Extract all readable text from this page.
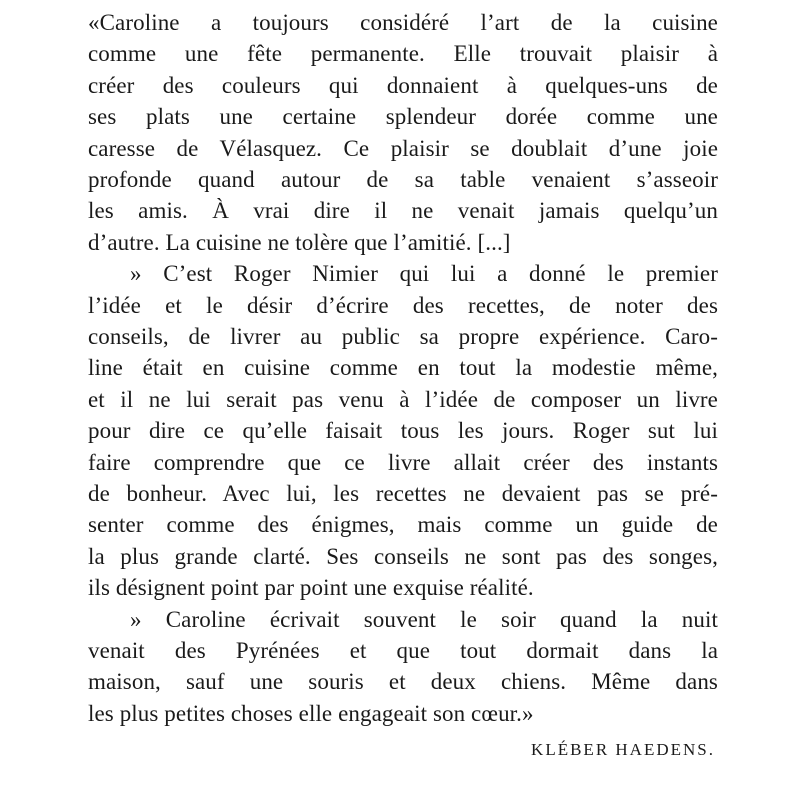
«Caroline a toujours considéré l’art de la cuisine
comme une fête permanente. Elle trouvait plaisir à
créer des couleurs qui donnaient à quelques-uns de
ses plats une certaine splendeur dorée comme une
caresse de Vélasquez. Ce plaisir se doublait d’une joie
profonde quand autour de sa table venaient s’asseoir
les amis. À vrai dire il ne venait jamais quelqu’un
d’autre. La cuisine ne tolère que l’amitié. [...]
» C’est Roger Nimier qui lui a donné le premier
l’idée et le désir d’écrire des recettes, de noter des
conseils, de livrer au public sa propre expérience. Caro-
line était en cuisine comme en tout la modestie même,
et il ne lui serait pas venu à l’idée de composer un livre
pour dire ce qu’elle faisait tous les jours. Roger sut lui
faire comprendre que ce livre allait créer des instants
de bonheur. Avec lui, les recettes ne devaient pas se pré-
senter comme des énigmes, mais comme un guide de
la plus grande clarté. Ses conseils ne sont pas des songes,
ils désignent point par point une exquise réalité.
» Caroline écrivait souvent le soir quand la nuit
venait des Pyrénées et que tout dormait dans la
maison, sauf une souris et deux chiens. Même dans
les plus petites choses elle engageait son cœur.»
KLÉBER HAEDENS.
